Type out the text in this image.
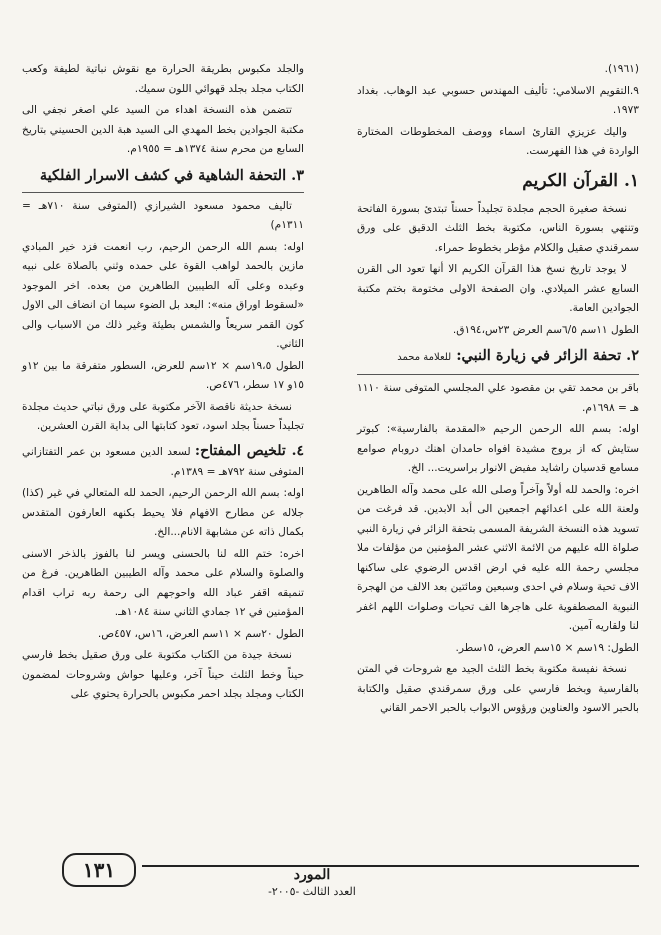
(١٩٦١).

٩.التقويم الاسلامي: تأليف المهندس حسوبي عبد الوهاب. بغداد ١٩٧٣.

واليك عزيزي القارئ اسماء ووصف المخطوطات المختارة الواردة في هذا الفهرست.

١. القرآن الكريم

نسخة صغيرة الحجم مجلدة تجليداً حسناً تبتدئ بسورة الفاتحة وتنتهي بسورة الناس، مكتوبة بخط الثلث الدقيق على ورق سمرقندي صقيل والكلام مؤطر بخطوط حمراء.

لا يوجد تاريخ نسخ هذا القرآن الكريم الا أنها تعود الى القرن السابع عشر الميلادي. وان الصفحة الاولى مختومة بختم مكتبة الجوادين العامة.

الطول ١١سم ٦/٥سم العرض ٢٣س،١٩٤ق.

٢. تحفة الزائر في زيارة النبي: للعلامة محمد

باقر بن محمد تقي بن مقصود علي المجلسي المتوفى سنة ١١١٠ هـ = ١٦٩٨م.

اوله: بسم الله الرحمن الرحيم «المقدمة بالفارسية»: كبوتر ستايش كه از بروج مشيدة افواه حامدان اهنك دروبام صوامع مسامع قدسيان راشايد مفيض الانوار براسريت... الخ.

اخره: والحمد لله أولاً وآخراً وصلى الله على محمد وآله الطاهرين ولعنة الله على اعدائهم اجمعين الى أبد الابدين. قد فرغت من تسويد هذه النسخة الشريفة المسمى بتحفة الزائر في زيارة النبي صلواة الله عليهم من الائمة الاثني عشر المؤمنين من مؤلفات ملا مجلسي رحمة الله عليه في ارض اقدس الرضوي على ساكنها الاف تحية وسلام في احدى وسبعين ومائتين بعد الالف من الهجرة النبوية المصطفوية على هاجرها الف تحيات وصلوات اللهم اغفر لنا ولقاريه آمين.

الطول: ١٩سم × ١٥سم العرض، ١٥سطر.

نسخة نفيسة مكتوبة بخط الثلث الجيد مع شروحات في المتن بالفارسية وبخط فارسي على ورق سمرقندي صقيل والكتابة بالحبر الاسود والعناوين ورؤوس الابواب بالحبر الاحمر القاني

والجلد مكبوس بطريقة الحرارة مع نقوش نباتية لطيفة وكعب الكتاب مجلد بجلد قهوائي اللون سميك.

تتضمن هذه النسخة اهداء من السيد علي اصغر نجفي الى مكتبة الجوادين بخط المهدي الى السيد هبة الدين الحسيني بتاريخ السابع من محرم سنة ١٣٧٤هـ = ١٩٥٥م.

٣. التحفة الشاهية في كشف الاسرار الفلكية

تاليف محمود مسعود الشيرازي (المتوفى سنة ٧١٠هـ = ١٣١١م)

اوله: بسم الله الرحمن الرحيم، رب انعمت فزد خير المبادي مازين بالحمد لواهب القوة على حمده وثني بالصلاة على نبيه وعبده وعلى آله الطيبين الطاهرين من بعده. اخر الموجود «لسقوط اوراق منه»: البعد بل الضوء سيما ان انضاف الى الاول كون القمر سريعاً والشمس بطيئة وغير ذلك من الاسباب والى الثاني.

الطول ١٩،٥سم × ١٢سم للعرض، السطور متفرقة ما بين ١٢و ١٥و ١٧ سطر، ٤٧٦ص.

نسخة حديثة ناقصة الآخر مكتوبة على ورق نباتي حديث مجلدة تجليداً حسناً بجلد اسود، تعود كتابتها الى بداية القرن العشرين.

٤. تلخيص المفتاح: لسعد الدين مسعود بن عمر التفتازاني المتوفى سنة ٧٩٢هـ = ١٣٨٩م.

اوله: بسم الله الرحمن الرحيم، الحمد لله المتعالي في غير (كذا) جلاله عن مطارح الافهام فلا يحيط بكنهه العارفون المتقدس بكمال ذاته عن مشابهة الانام...الخ.

اخره: ختم الله لنا بالحسنى ويسر لنا بالفوز بالذخر الاسنى والصلوة والسلام على محمد وآله الطيبين الطاهرين. فرغ من تنميقه اقفر عباد الله واحوجهم الى رحمة ربه تراب اقدام المؤمنين في ١٢ جمادي الثاني سنة ١٠٨٤هـ.

الطول ٢٠سم × ١١سم العرض، ١٦س، ٤٥٧ص.

نسخة جيدة من الكتاب مكتوبة على ورق صقيل بخط فارسي حيناً وخط الثلث حيناً آخر، وعليها حواش وشروحات لمضمون الكتاب ومجلد بجلد احمر مكبوس بالحرارة يحتوي على

١٣١	المورد
العدد الثالث -٢٠٠٥-
